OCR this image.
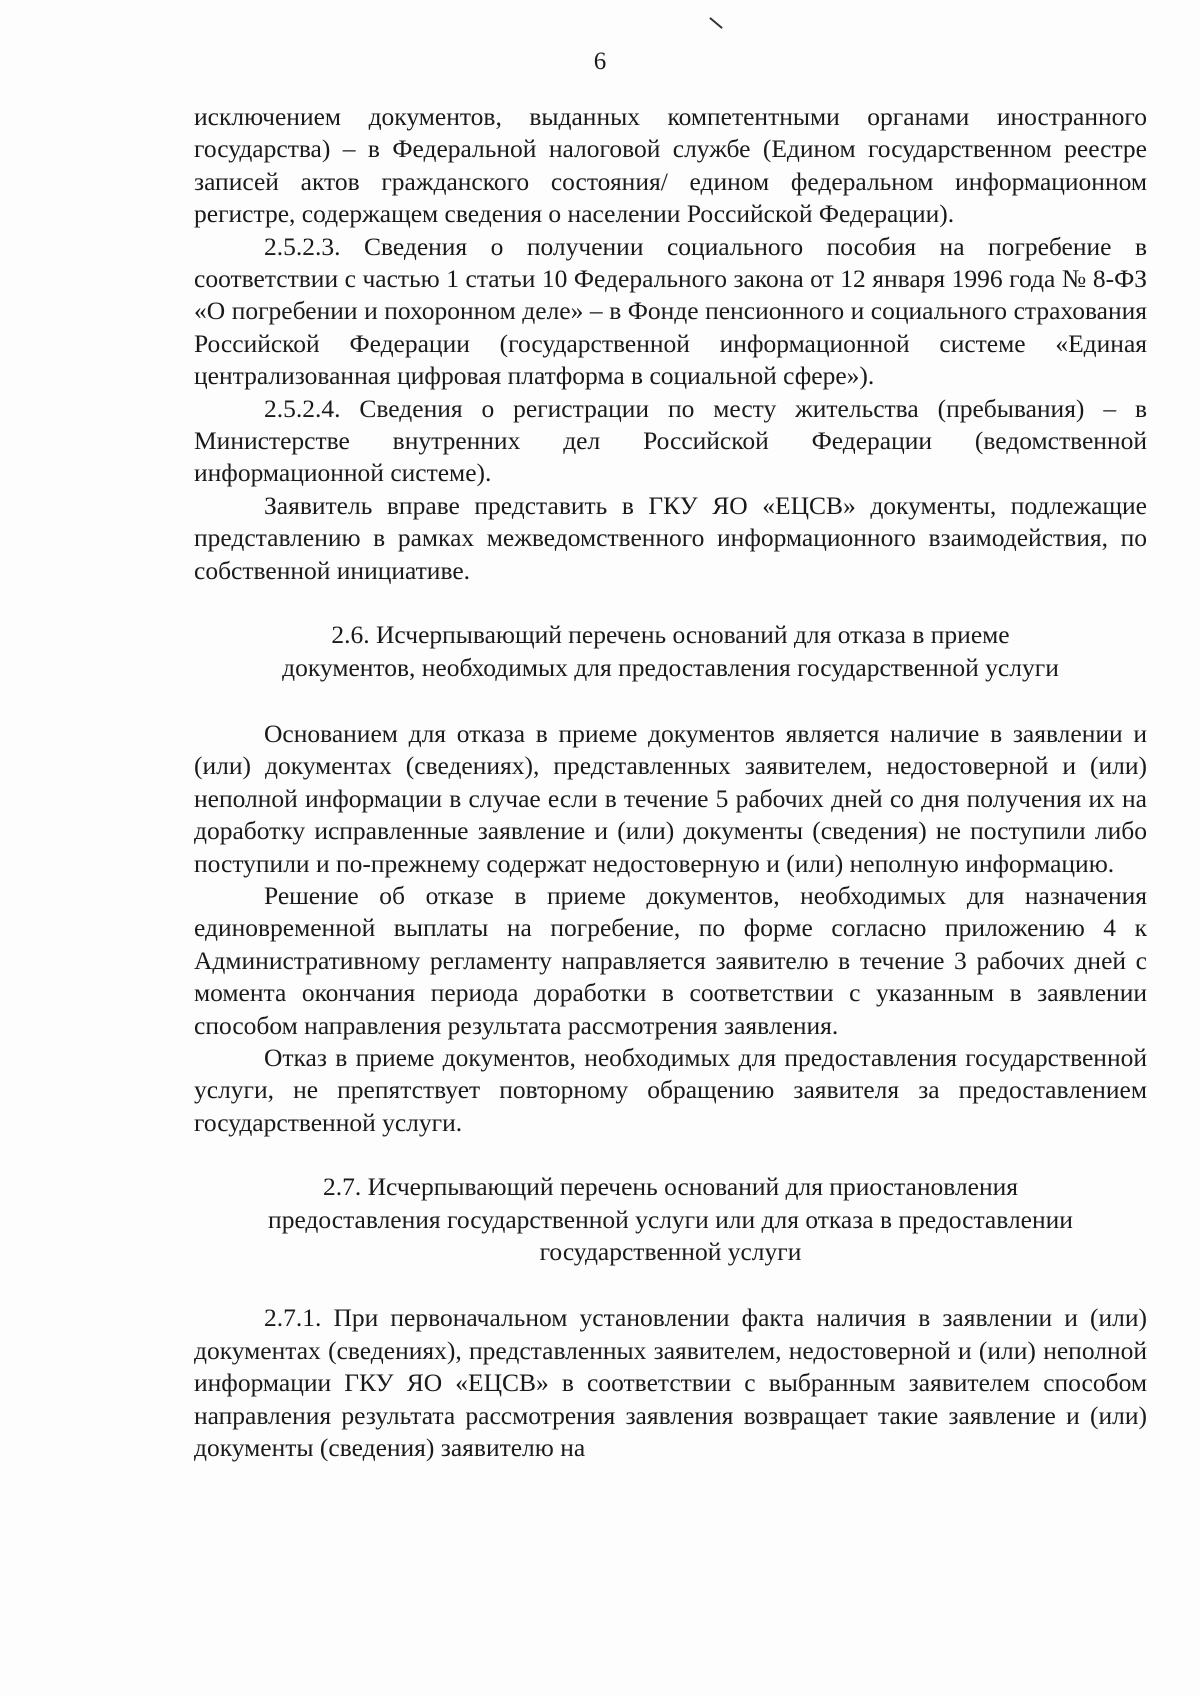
6

исключением документов, выданных компетентными органами иностранного государства) – в Федеральной налоговой службе (Едином государственном реестре записей актов гражданского состояния/ едином федеральном информационном регистре, содержащем сведения о населении Российской Федерации).

2.5.2.3. Сведения о получении социального пособия на погребение в соответствии с частью 1 статьи 10 Федерального закона от 12 января 1996 года № 8-ФЗ «О погребении и похоронном деле» – в Фонде пенсионного и социального страхования Российской Федерации (государственной информационной системе «Единая централизованная цифровая платформа в социальной сфере»).

2.5.2.4. Сведения о регистрации по месту жительства (пребывания) – в Министерстве внутренних дел Российской Федерации (ведомственной информационной системе).

Заявитель вправе представить в ГКУ ЯО «ЕЦСВ» документы, подлежащие представлению в рамках межведомственного информационного взаимодействия, по собственной инициативе.

2.6. Исчерпывающий перечень оснований для отказа в приеме документов, необходимых для предоставления государственной услуги

Основанием для отказа в приеме документов является наличие в заявлении и (или) документах (сведениях), представленных заявителем, недостоверной и (или) неполной информации в случае если в течение 5 рабочих дней со дня получения их на доработку исправленные заявление и (или) документы (сведения) не поступили либо поступили и по-прежнему содержат недостоверную и (или) неполную информацию.

Решение об отказе в приеме документов, необходимых для назначения единовременной выплаты на погребение, по форме согласно приложению 4 к Административному регламенту направляется заявителю в течение 3 рабочих дней с момента окончания периода доработки в соответствии с указанным в заявлении способом направления результата рассмотрения заявления.

Отказ в приеме документов, необходимых для предоставления государственной услуги, не препятствует повторному обращению заявителя за предоставлением государственной услуги.

2.7. Исчерпывающий перечень оснований для приостановления предоставления государственной услуги или для отказа в предоставлении государственной услуги

2.7.1. При первоначальном установлении факта наличия в заявлении и (или) документах (сведениях), представленных заявителем, недостоверной и (или) неполной информации ГКУ ЯО «ЕЦСВ» в соответствии с выбранным заявителем способом направления результата рассмотрения заявления возвращает такие заявление и (или) документы (сведения) заявителю на
